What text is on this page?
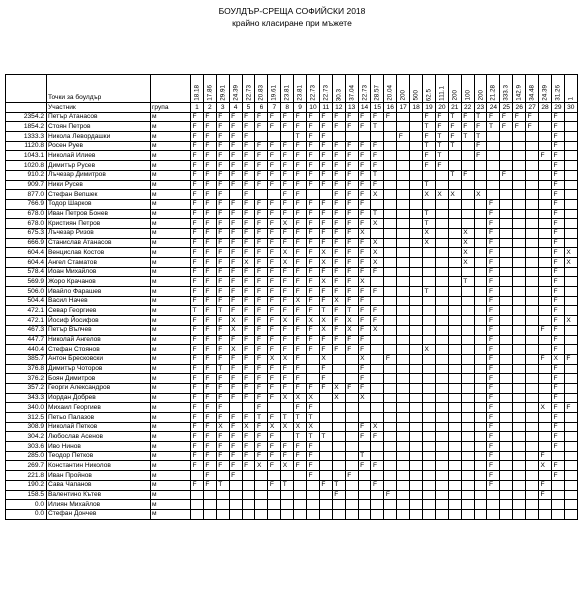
БОУЛДЪР-СРЕЩА СОФИЙСКИ 2018
крайно класиране при мъжете
	Точки за боулдър		18.18	17.86	29.91	24.39	22.73	20.83	19.61	23.81	23.81	22.73	22.73	30.3	37.04	22.73	28.57	20.04	200	500	62.5	111.1	200	100	200	21.28	333.3	142.9	34.48	24.39	31.26	1

	Участник	група	1	2	3	4	5	6	7	8	9	10	11	12	13	14	15	16	17	18	19	20	21	22	23	24	25	26	27	28	29	30
2354.2	Петър Атанасов	м	F	F	F	F	F	F	F	F	F	F	F	F	F	F	F	F			F	F	T	F	T	F	F	F	F		F	
1854.2	Стоян Петров	м	F	F	F	F	F	F	F	F	F	F	F	F	F	F	T				T	F	F	F	F	T	F	F	F		F	
1333.3	Никола Левордашки	м	F	F	F	F	F				T	F	F						F		F	T	F	T	T						F	
1120.8	Росен Руев	м	F	F	F	F	F	F	F	F	F	F	F	F	F	F	F				T	T	T		F						F	
1043.1	Николай Илиев	м	F	F	F	F	F	F	F	F	F	F	F	F	F	F	F				F	T			F					F	F	
1020.8	Димитър Русев	м	F	F	F	F	F	F	F	F	F	F	F	F	F	F	F				F	F									F	
910.2	Лъчезар Димитров	м	F	F	F	F	F	F	F	F	F	F	F	F	F	F	T						T	F			F				F	
909.7	Ники Русев	м	F	F	F	F	F	F	F	F	F	F	F	F	F	F	F				T										F	
877.0	Стефан Вепшек	м	F	F	F		F			F	F			F	F	F	X				X	X	X		X						F	
766.9	Тодор Шарков	м	F	F	F	F	F	F	F	F	F	F	F	F	F	F										F					F	
678.0	Иван Петров Бонев	м	F	F	F	F	F	F	F	F	F	F	F	F	F	F	T				T					F					F	
678.0	Кристиян Петров	м	F	F	F	F	F	F	F	X	F	F	F	F	F	F	X				T					F					F	
675.3	Лъчезар Ризов	м	F	F	F	F	F	F	F	F	F	F	F	F	F	X					X			X		F					F	
666.9	Станислав Атанасов	м	F	F	F	F	F	F	F	F	F	F	F	F	F	F	X				X			X		F					F	
604.4	Венцислав Костов	м	F	F	F	F	F	F	F	X	F	F	X	F	F	F	X							X		F					F	X
604.4	Ангел Стаматов	м	F	F	F	F	X	F	F	X	F	F	X	F	F	F	X							X		F					F	X
578.4	Йоан Михайлов	м	F	F	F	F	F	F	F	F	F	F	F	F	F	F	F									F					F	
569.9	Жоро Крачанов	м	F	F	F	F	F	F	F	F	F	F	X	F	F	X								T		F					F	
506.0	Ивайло Фарашев	м	F	F	F	F	F	F	F	F	F	F	F	F	F	F	F				T					F					F	
504.4	Васил Начев	м	F	F	F	F	F	F	F	F	X	F	F	X	F	F										F					F	
472.1	Севар Георгиев	м	T	F	T	F	F	F	F	F	F	F	T	F	T	F	F									F					F	
472.1	Йосиф Йосифов	м	F	F	F	X	F	F	F	X	F	X	X	F	X	F	F									F					F	X
467.3	Петър Вълчев	м	F	F	F	X	F	F	F	F	F	F	X	F	X	F	X									F				F	F	
447.7	Николай Ангелов	м	F	F	F	F	F	F	F	F	F	F	F	F	F	F										F					F	
440.4	Стефан Стоянов	м	F	F	F	X	F	F	F	F	F	F	F	F	F	F					X					F					F	
385.7	Антон Бресковски	м	F	F	F	F	F	F	X	X	F		X			X		F								F				F	X	F
376.8	Димитър Чоторов	м	F	F	T	F	F	F	F	F	F		F			F										F					F	
376.2	Боян Димитров	м	F	F	F	F	F	F	F	F	F		F			F										F					F	
357.2	Георги Александров	м	F	F	F	F	F	F	F	F	F	F	F	X	F	F										F					F	
343.3	Йордан Добрев	м	F	F	F	F	F	F	F	X	X	X		X		X										F					F	
340.0	Михаил Георгиев	м	F	F	F			F			F	F														F				X	F	F
312.5	Петьо Палазов	м	F	F	F	F	F	T	F	T	T	T														F					F	
308.9	Николай Петков	м	F	F	X	F	X	F	X	X	X	X				F	X									F					F	
304.2	Любослав Асенов	м	F	F	F	F	F	F	F		T	T	T			F	F									F					F	
303.6	Иво Нинов	м	F	F	F	F	F	F	F	F	F	F														F					F	
285.0	Теодор Петков	м	F	F	F	F	F	F	F	F	F	F				T										F				F		
269.7	Константин Николов	м	F	F	F	F	F	X	F	X	F	F				F	F									F				X	F	
221.8	Иван Пройнов	м		F		F						F			F											F					F	
190.2	Сава Чапанов	м	F	F	T				F	T			F	T			F									F				F		
158.5	Валентино Кътев	м												F				F												F		
0.0	Илиян Михайлов	м																														
0.0	Стефан Дончев	м																														
